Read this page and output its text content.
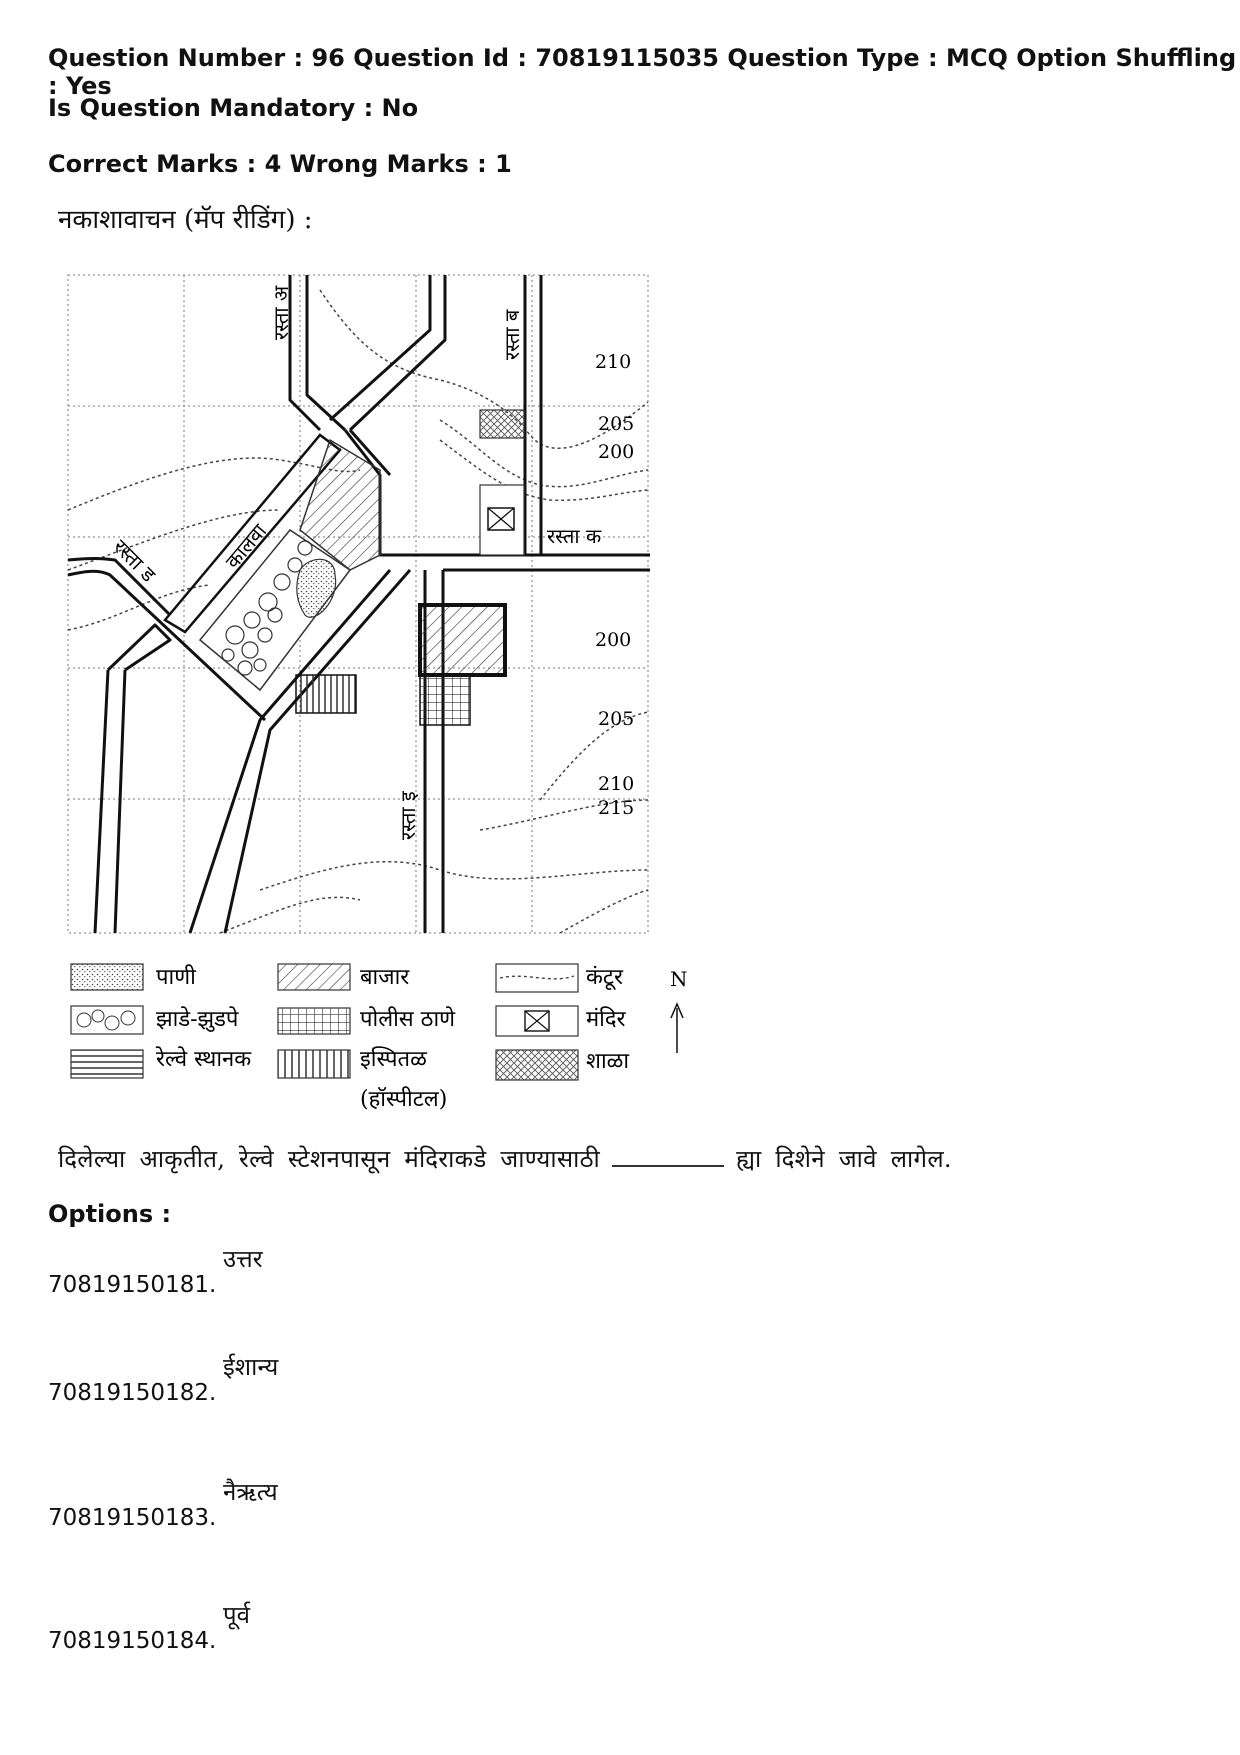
Question Number : 96 Question Id : 70819115035 Question Type : MCQ Option Shuffling : Yes
Is Question Mandatory : No
Correct Marks : 4 Wrong Marks : 1
नकाशावाचन (मॅप रीडिंग) :
रस्ता अ	रस्ता ब
रस्ता क
रस्ता ड
रस्ता इ
कालवा
210
205
200
200
205
210
215
पाणी
झाडे-झुडपे
रेल्वे स्थानक
बाजार
पोलीस ठाणे
इस्पितळ
(हॉस्पीटल)
कंटूर
मंदिर
शाळा
N
दिलेल्या आकृतीत, रेल्वे स्टेशनपासून मंदिराकडे जाण्यासाठी	ह्या दिशेने जावे लागेल.
Options :
70819150181.
उत्तर
70819150182.
ईशान्य
70819150183.
नैऋत्य
70819150184.
पूर्व
